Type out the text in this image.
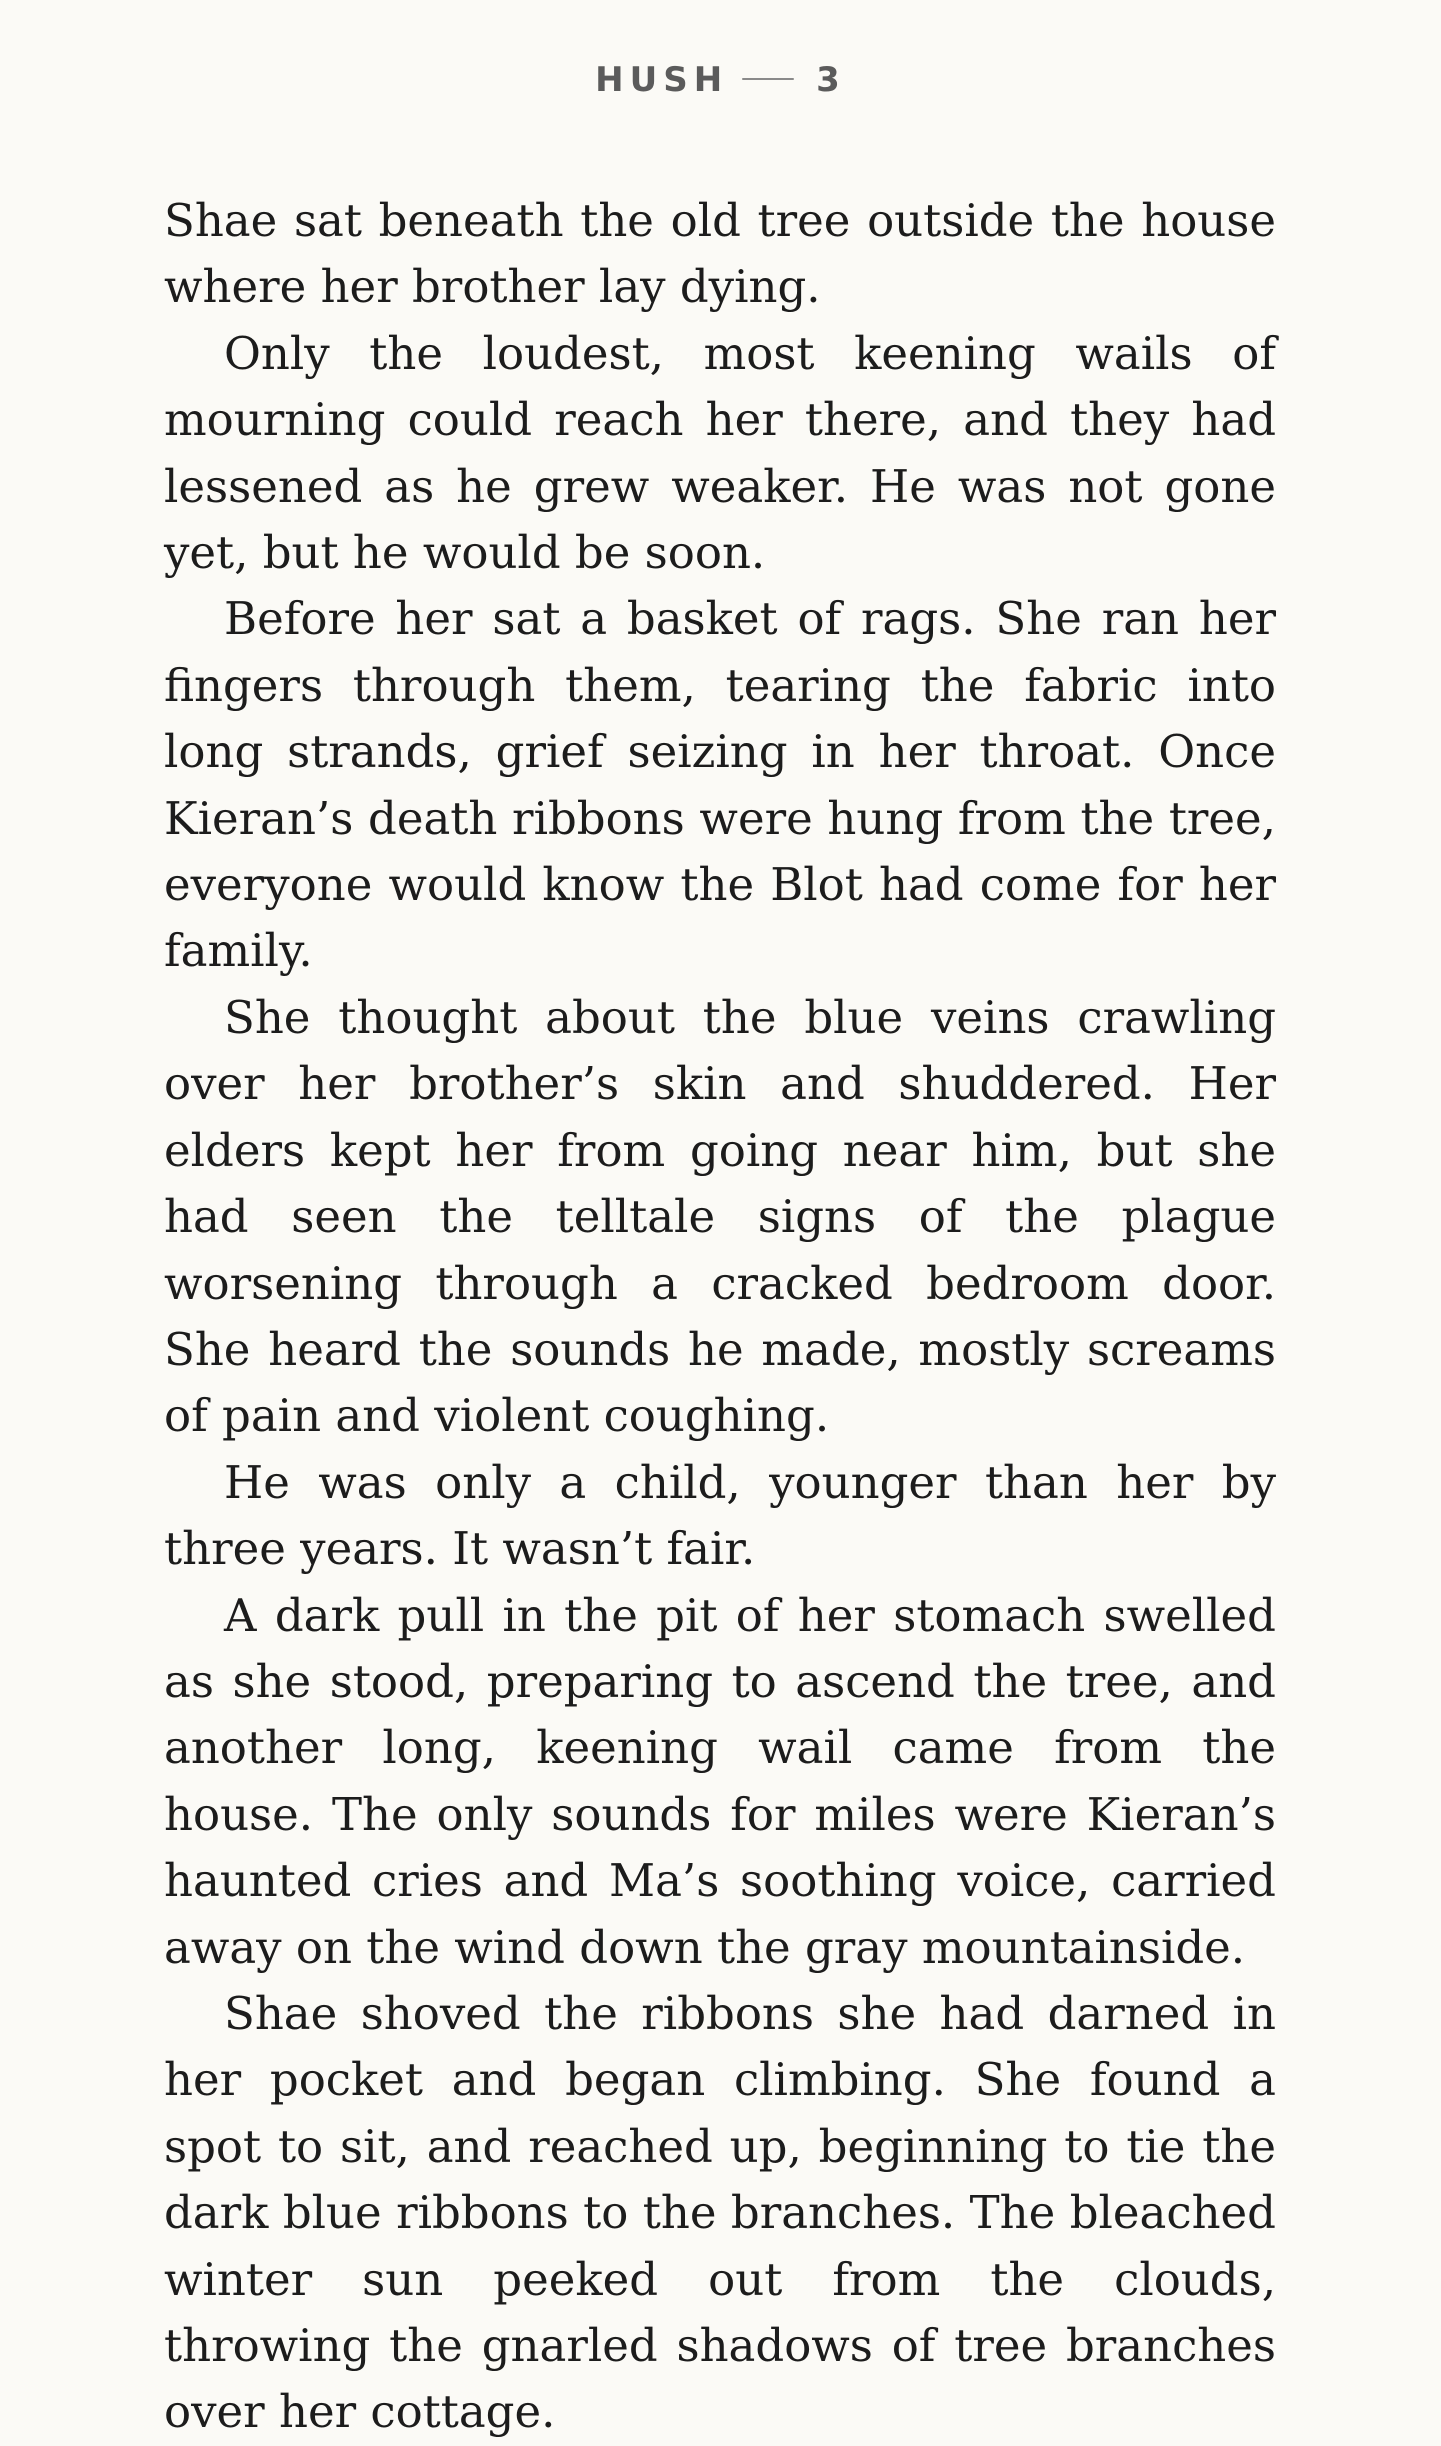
HUSH	3

Shae sat beneath the old tree outside the house where her brother lay dying.

Only the loudest, most keening wails of mourning could reach her there, and they had lessened as he grew weaker. He was not gone yet, but he would be soon.

Before her sat a basket of rags. She ran her fingers through them, tearing the fabric into long strands, grief seizing in her throat. Once Kieran’s death ribbons were hung from the tree, everyone would know the Blot had come for her family.

She thought about the blue veins crawling over her brother’s skin and shuddered. Her elders kept her from going near him, but she had seen the telltale signs of the plague worsening through a cracked bedroom door. She heard the sounds he made, mostly screams of pain and violent coughing.

He was only a child, younger than her by three years. It wasn’t fair.

A dark pull in the pit of her stomach swelled as she stood, preparing to ascend the tree, and another long, keening wail came from the house. The only sounds for miles were Kieran’s haunted cries and Ma’s soothing voice, carried away on the wind down the gray mountainside.

Shae shoved the ribbons she had darned in her pocket and began climbing. She found a spot to sit, and reached up, beginning to tie the dark blue ribbons to the branches. The bleached winter sun peeked out from the clouds, throwing the gnarled shadows of tree branches over her cottage.
